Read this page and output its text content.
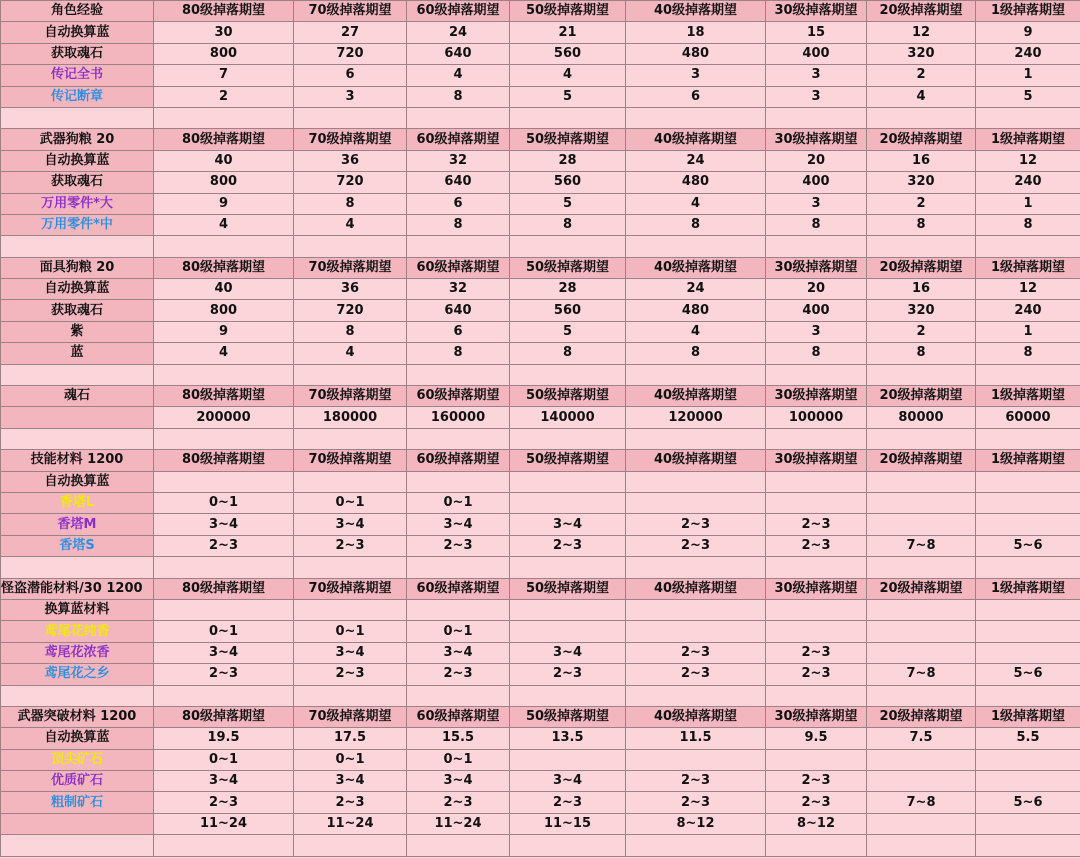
角色经验	80级掉落期望	70级掉落期望	60级掉落期望	50级掉落期望	40级掉落期望	30级掉落期望	20级掉落期望	1级掉落期望
自动换算蓝	30	27	24	21	18	15	12	9
获取魂石	800	720	640	560	480	400	320	240
传记全书	7	6	4	4	3	3	2	1
传记断章	2	3	8	5	6	3	4	5

武器狗粮 20	80级掉落期望	70级掉落期望	60级掉落期望	50级掉落期望	40级掉落期望	30级掉落期望	20级掉落期望	1级掉落期望
自动换算蓝	40	36	32	28	24	20	16	12
获取魂石	800	720	640	560	480	400	320	240
万用零件*大	9	8	6	5	4	3	2	1
万用零件*中	4	4	8	8	8	8	8	8

面具狗粮 20	80级掉落期望	70级掉落期望	60级掉落期望	50级掉落期望	40级掉落期望	30级掉落期望	20级掉落期望	1级掉落期望
自动换算蓝	40	36	32	28	24	20	16	12
获取魂石	800	720	640	560	480	400	320	240
紫	9	8	6	5	4	3	2	1
蓝	4	4	8	8	8	8	8	8

魂石	80级掉落期望	70级掉落期望	60级掉落期望	50级掉落期望	40级掉落期望	30级掉落期望	20级掉落期望	1级掉落期望
	200000	180000	160000	140000	120000	100000	80000	60000

技能材料 1200	80级掉落期望	70级掉落期望	60级掉落期望	50级掉落期望	40级掉落期望	30级掉落期望	20级掉落期望	1级掉落期望
自动换算蓝								
香塔L	0~1	0~1	0~1					
香塔M	3~4	3~4	3~4	3~4	2~3	2~3		
香塔S	2~3	2~3	2~3	2~3	2~3	2~3	7~8	5~6

怪盗潜能材料/30 1200	80级掉落期望	70级掉落期望	60级掉落期望	50级掉落期望	40级掉落期望	30级掉落期望	20级掉落期望	1级掉落期望
换算蓝材料								
鸢尾花纯香	0~1	0~1	0~1					
鸢尾花浓香	3~4	3~4	3~4	3~4	2~3	2~3		
鸢尾花之乡	2~3	2~3	2~3	2~3	2~3	2~3	7~8	5~6

武器突破材料 1200	80级掉落期望	70级掉落期望	60级掉落期望	50级掉落期望	40级掉落期望	30级掉落期望	20级掉落期望	1级掉落期望
自动换算蓝	19.5	17.5	15.5	13.5	11.5	9.5	7.5	5.5
顶尖矿石	0~1	0~1	0~1					
优质矿石	3~4	3~4	3~4	3~4	2~3	2~3		
粗制矿石	2~3	2~3	2~3	2~3	2~3	2~3	7~8	5~6
	11~24	11~24	11~24	11~15	8~12	8~12		
